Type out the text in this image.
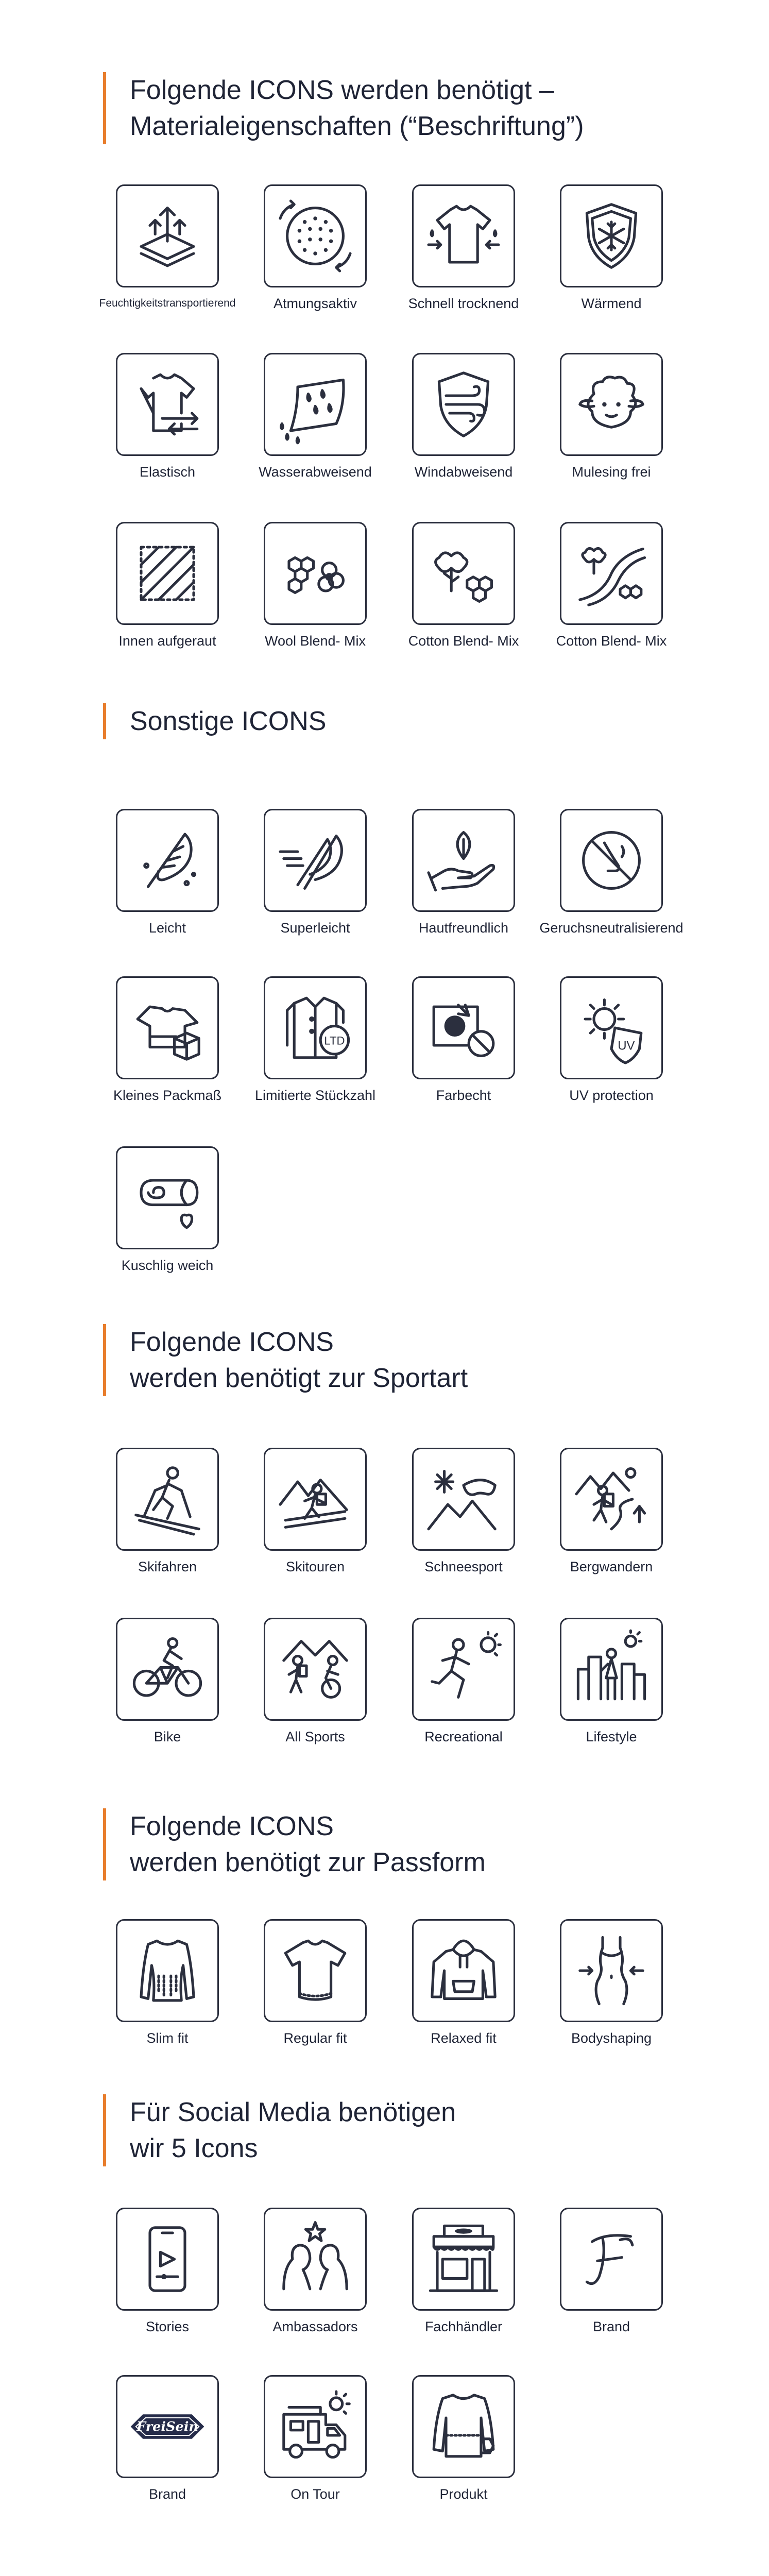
Folgende ICONS werden benötigt –
Materialeigenschaften (“Beschriftung”)
Feuchtigkeitstransportierend	Atmungsaktiv	Schnell trocknend	Wärmend
Elastisch	Wasserabweisend	Windabweisend	Mulesing frei
Innen aufgeraut	Wool Blend- Mix	Cotton Blend- Mix	Cotton Blend- Mix
Sonstige ICONS
Leicht	Superleicht	Hautfreundlich	Geruchsneutralisierend
Kleines Packmaß
LTD
Limitierte Stückzahl	Farbecht
UV
UV protection
Kuschlig weich
Folgende ICONS
werden benötigt zur Sportart
Skifahren	Skitouren	Schneesport	Bergwandern
Bike	All Sports	Recreational	Lifestyle
Folgende ICONS
werden benötigt zur Passform
Slim fit	Regular fit	Relaxed fit	Bodyshaping
Für Social Media benötigen
wir 5 Icons
Stories	Ambassadors	Fachhändler	Brand
FreiSein
Brand	On Tour	Produkt
